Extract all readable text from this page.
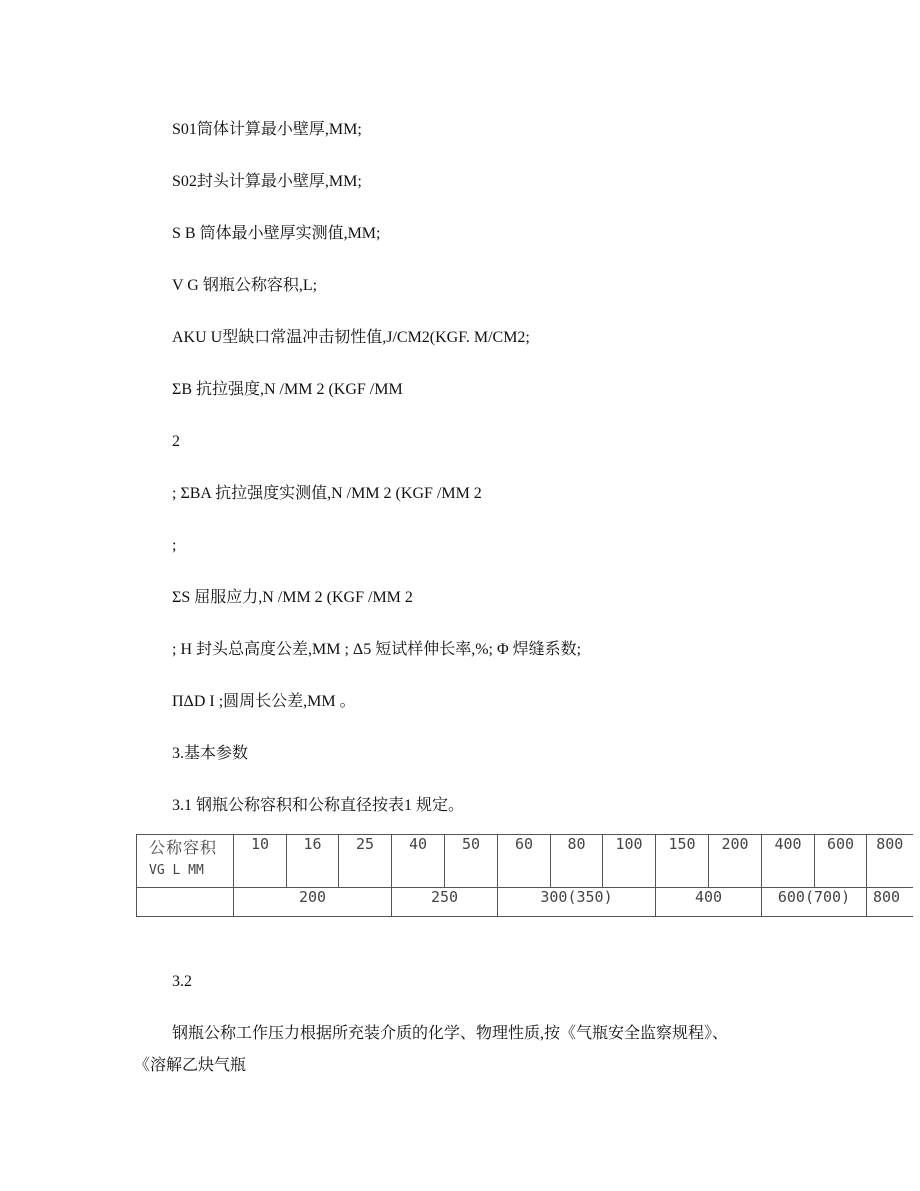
S01筒体计算最小壁厚,MM;
S02封头计算最小壁厚,MM;
S B 筒体最小壁厚实测值,MM;
V G 钢瓶公称容积,L;
AKU U型缺口常温冲击韧性值,J/CM2(KGF. M/CM2;
ΣB 抗拉强度,N /MM 2 (KGF /MM
2
; ΣBA 抗拉强度实测值,N /MM 2 (KGF /MM 2
;
ΣS 屈服应力,N /MM 2 (KGF /MM 2
; H 封头总高度公差,MM ; Δ5 短试样伸长率,%; Φ 焊缝系数;
ΠΔD I ;圆周长公差,MM 。
3.基本参数
3.1 钢瓶公称容积和公称直径按表1 规定。
公称容积
VG L MM	10	16	25	40	50	60	80	100	150	200	400	600	800
	200			250		300(350)			400		600(700)		800
3.2
钢瓶公称工作压力根据所充装介质的化学、物理性质,按《气瓶安全监察规程》、
《溶解乙炔气瓶
